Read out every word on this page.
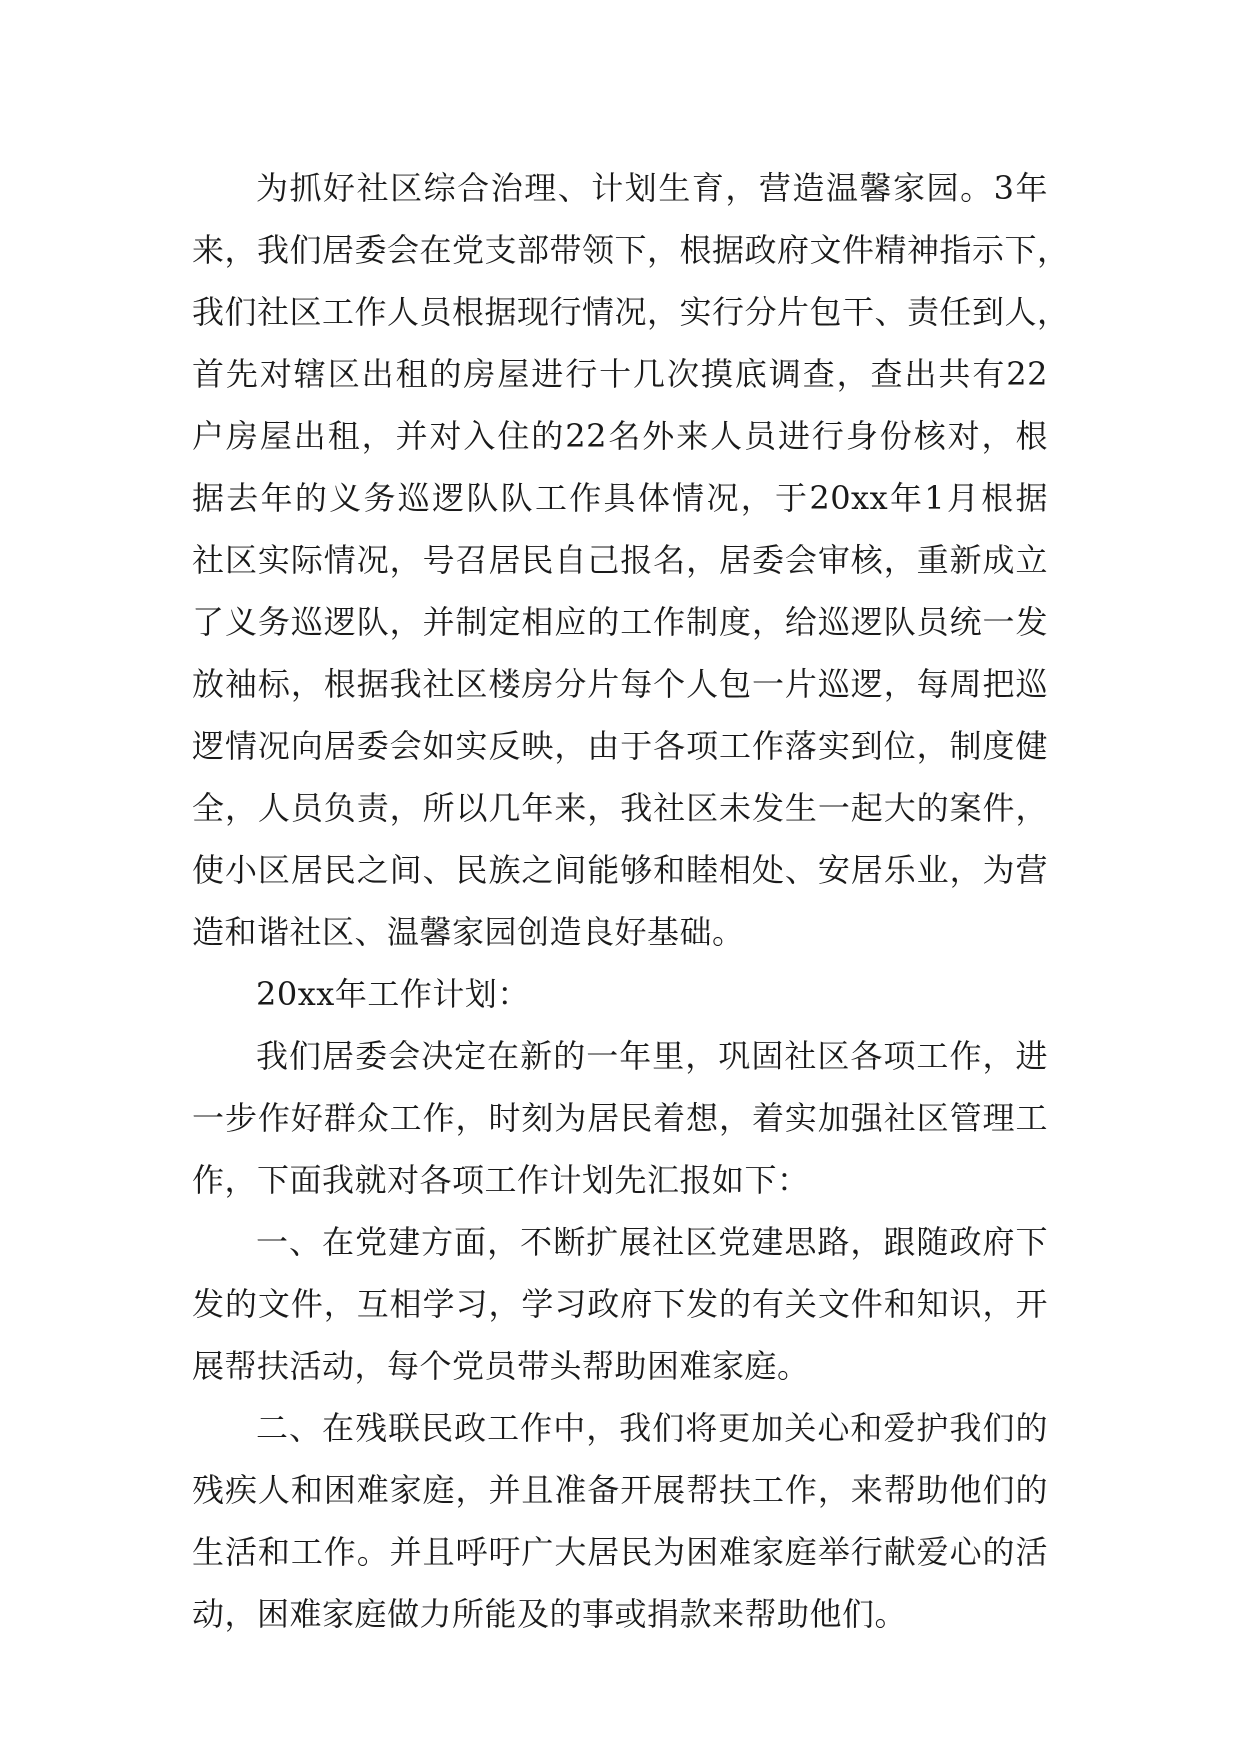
为抓好社区综合治理、计划生育，营造温馨家园。3年
来，我们居委会在党支部带领下，根据政府文件精神指示下，
我们社区工作人员根据现行情况，实行分片包干、责任到人，
首先对辖区出租的房屋进行十几次摸底调查，查出共有22
户房屋出租，并对入住的22名外来人员进行身份核对，根
据去年的义务巡逻队队工作具体情况，于20xx年1月根据
社区实际情况，号召居民自己报名，居委会审核，重新成立
了义务巡逻队，并制定相应的工作制度，给巡逻队员统一发
放袖标，根据我社区楼房分片每个人包一片巡逻，每周把巡
逻情况向居委会如实反映，由于各项工作落实到位，制度健
全，人员负责，所以几年来，我社区未发生一起大的案件，
使小区居民之间、民族之间能够和睦相处、安居乐业，为营
造和谐社区、温馨家园创造良好基础。

20xx年工作计划：

我们居委会决定在新的一年里，巩固社区各项工作，进
一步作好群众工作，时刻为居民着想，着实加强社区管理工
作，下面我就对各项工作计划先汇报如下：

一、在党建方面，不断扩展社区党建思路，跟随政府下
发的文件，互相学习，学习政府下发的有关文件和知识，开
展帮扶活动，每个党员带头帮助困难家庭。

二、在残联民政工作中，我们将更加关心和爱护我们的
残疾人和困难家庭，并且准备开展帮扶工作，来帮助他们的
生活和工作。并且呼吁广大居民为困难家庭举行献爱心的活
动，困难家庭做力所能及的事或捐款来帮助他们。
